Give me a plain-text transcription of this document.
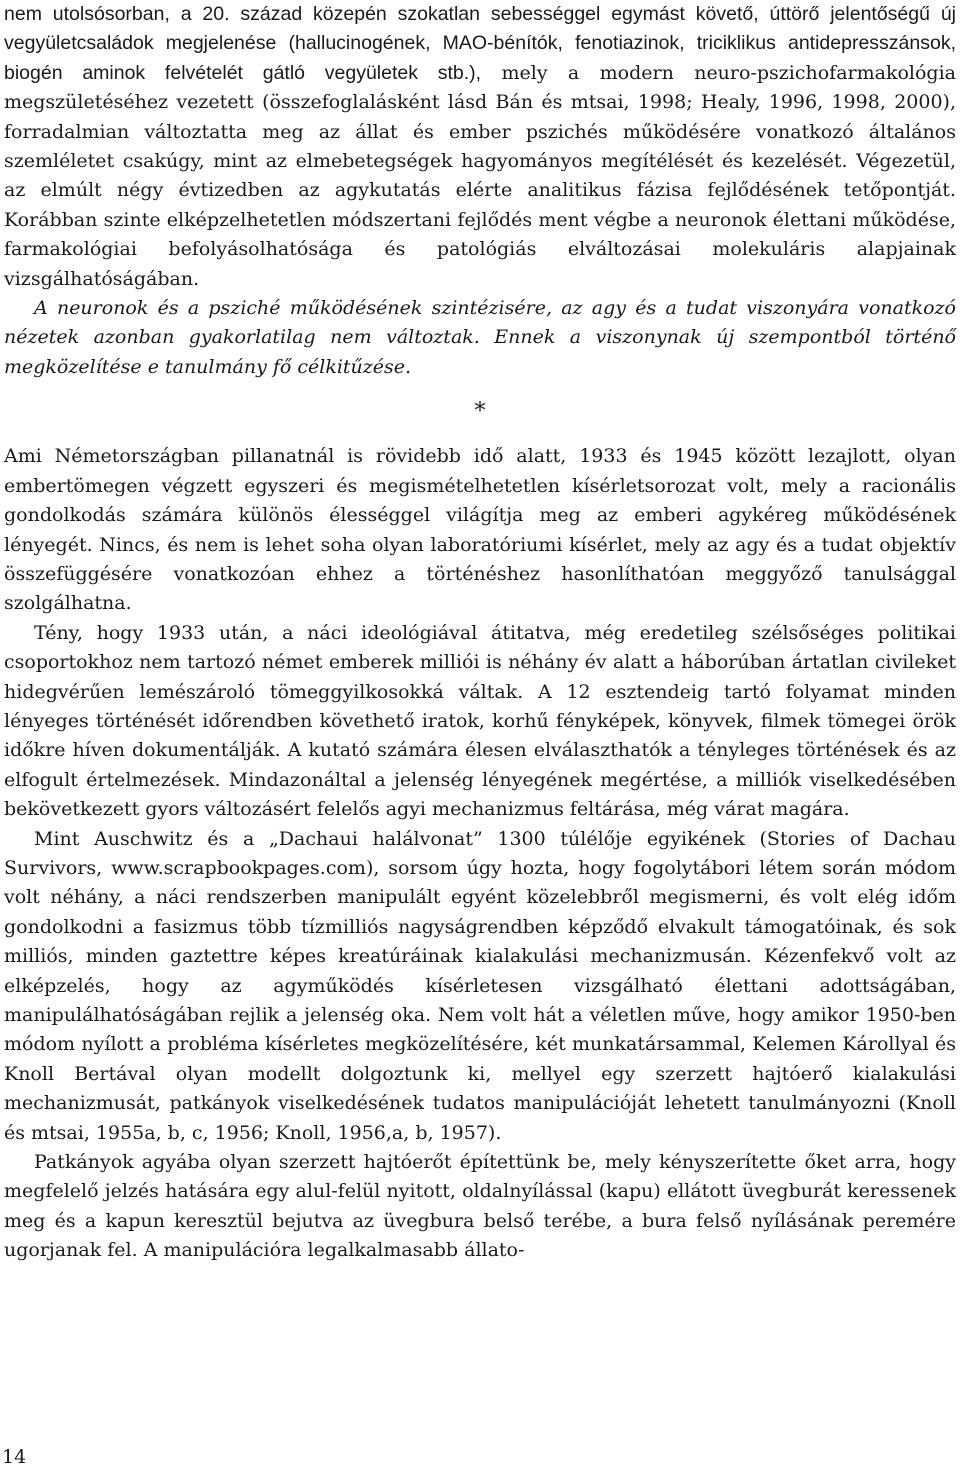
nem utolsósorban, a 20. század közepén szokatlan sebességgel egymást követő, úttörő jelentőségű új vegyületcsaládok megjelenése (hallucinogének, MAO-bénítók, fenotiazinok, triciklikus antidepresszánsok, biogén aminok felvételét gátló vegyületek stb.), mely a modern neuro-pszichofarmakológia megszületéséhez vezetett (összefoglalásként lásd Bán és mtsai, 1998; Healy, 1996, 1998, 2000), forradalmian változtatta meg az állat és ember pszichés működésére vonatkozó általános szemléletet csakúgy, mint az elmebetegségek hagyományos megítélését és kezelését. Végezetül, az elmúlt négy évtizedben az agykutatás elérte analitikus fázisa fejlődésének tetőpontját. Korábban szinte elképzelhetetlen módszertani fejlődés ment végbe a neuronok élettani működése, farmakológiai befolyásolhatósága és patológiás elváltozásai molekuláris alapjainak vizsgálhatóságában.

A neuronok és a psziché működésének szintézisére, az agy és a tudat viszonyára vonatkozó nézetek azonban gyakorlatilag nem változtak. Ennek a viszonynak új szempontból történő megközelítése e tanulmány fő célkitűzése.

*

Ami Németországban pillanatnál is rövidebb idő alatt, 1933 és 1945 között lezajlott, olyan embertömegen végzett egyszeri és megismételhetetlen kísérletsorozat volt, mely a racionális gondolkodás számára különös élességgel világítja meg az emberi agykéreg működésének lényegét. Nincs, és nem is lehet soha olyan laboratóriumi kísérlet, mely az agy és a tudat objektív összefüggésére vonatkozóan ehhez a történéshez hasonlíthatóan meggyőző tanulsággal szolgálhatna.

Tény, hogy 1933 után, a náci ideológiával átitatva, még eredetileg szélsőséges politikai csoportokhoz nem tartozó német emberek milliói is néhány év alatt a háborúban ártatlan civileket hidegvérűen lemészároló tömeggyilkosokká váltak. A 12 esztendeig tartó folyamat minden lényeges történését időrendben követhető iratok, korhű fényképek, könyvek, filmek tömegei örök időkre híven dokumentálják. A kutató számára élesen elválaszthatók a tényleges történések és az elfogult értelmezések. Mindazonáltal a jelenség lényegének megértése, a milliók viselkedésében bekövetkezett gyors változásért felelős agyi mechanizmus feltárása, még várat magára.

Mint Auschwitz és a „Dachaui halálvonat” 1300 túlélője egyikének (Stories of Dachau Survivors, www.scrapbookpages.com), sorsom úgy hozta, hogy fogolytábori létem során módom volt néhány, a náci rendszerben manipulált egyént közelebbről megismerni, és volt elég időm gondolkodni a fasizmus több tízmilliós nagyságrendben képződő elvakult támogatóinak, és sok milliós, minden gaztettre képes kreatúráinak kialakulási mechanizmusán. Kézenfekvő volt az elképzelés, hogy az agyműködés kísérletesen vizsgálható élettani adottságában, manipulálhatóságában rejlik a jelenség oka. Nem volt hát a véletlen műve, hogy amikor 1950-ben módom nyílott a probléma kísérletes megközelítésére, két munkatársammal, Kelemen Károllyal és Knoll Bertával olyan modellt dolgoztunk ki, mellyel egy szerzett hajtóerő kialakulási mechanizmusát, patkányok viselkedésének tudatos manipulációját lehetett tanulmányozni (Knoll és mtsai, 1955a, b, c, 1956; Knoll, 1956,a, b, 1957).

Patkányok agyába olyan szerzett hajtóerőt építettünk be, mely kényszerítette őket arra, hogy megfelelő jelzés hatására egy alul-felül nyitott, oldalnyílással (kapu) ellátott üvegburát keressenek meg és a kapun keresztül bejutva az üvegbura belső terébe, a bura felső nyílásának peremére ugorjanak fel. A manipulációra legalkalmasabb állato-

14
